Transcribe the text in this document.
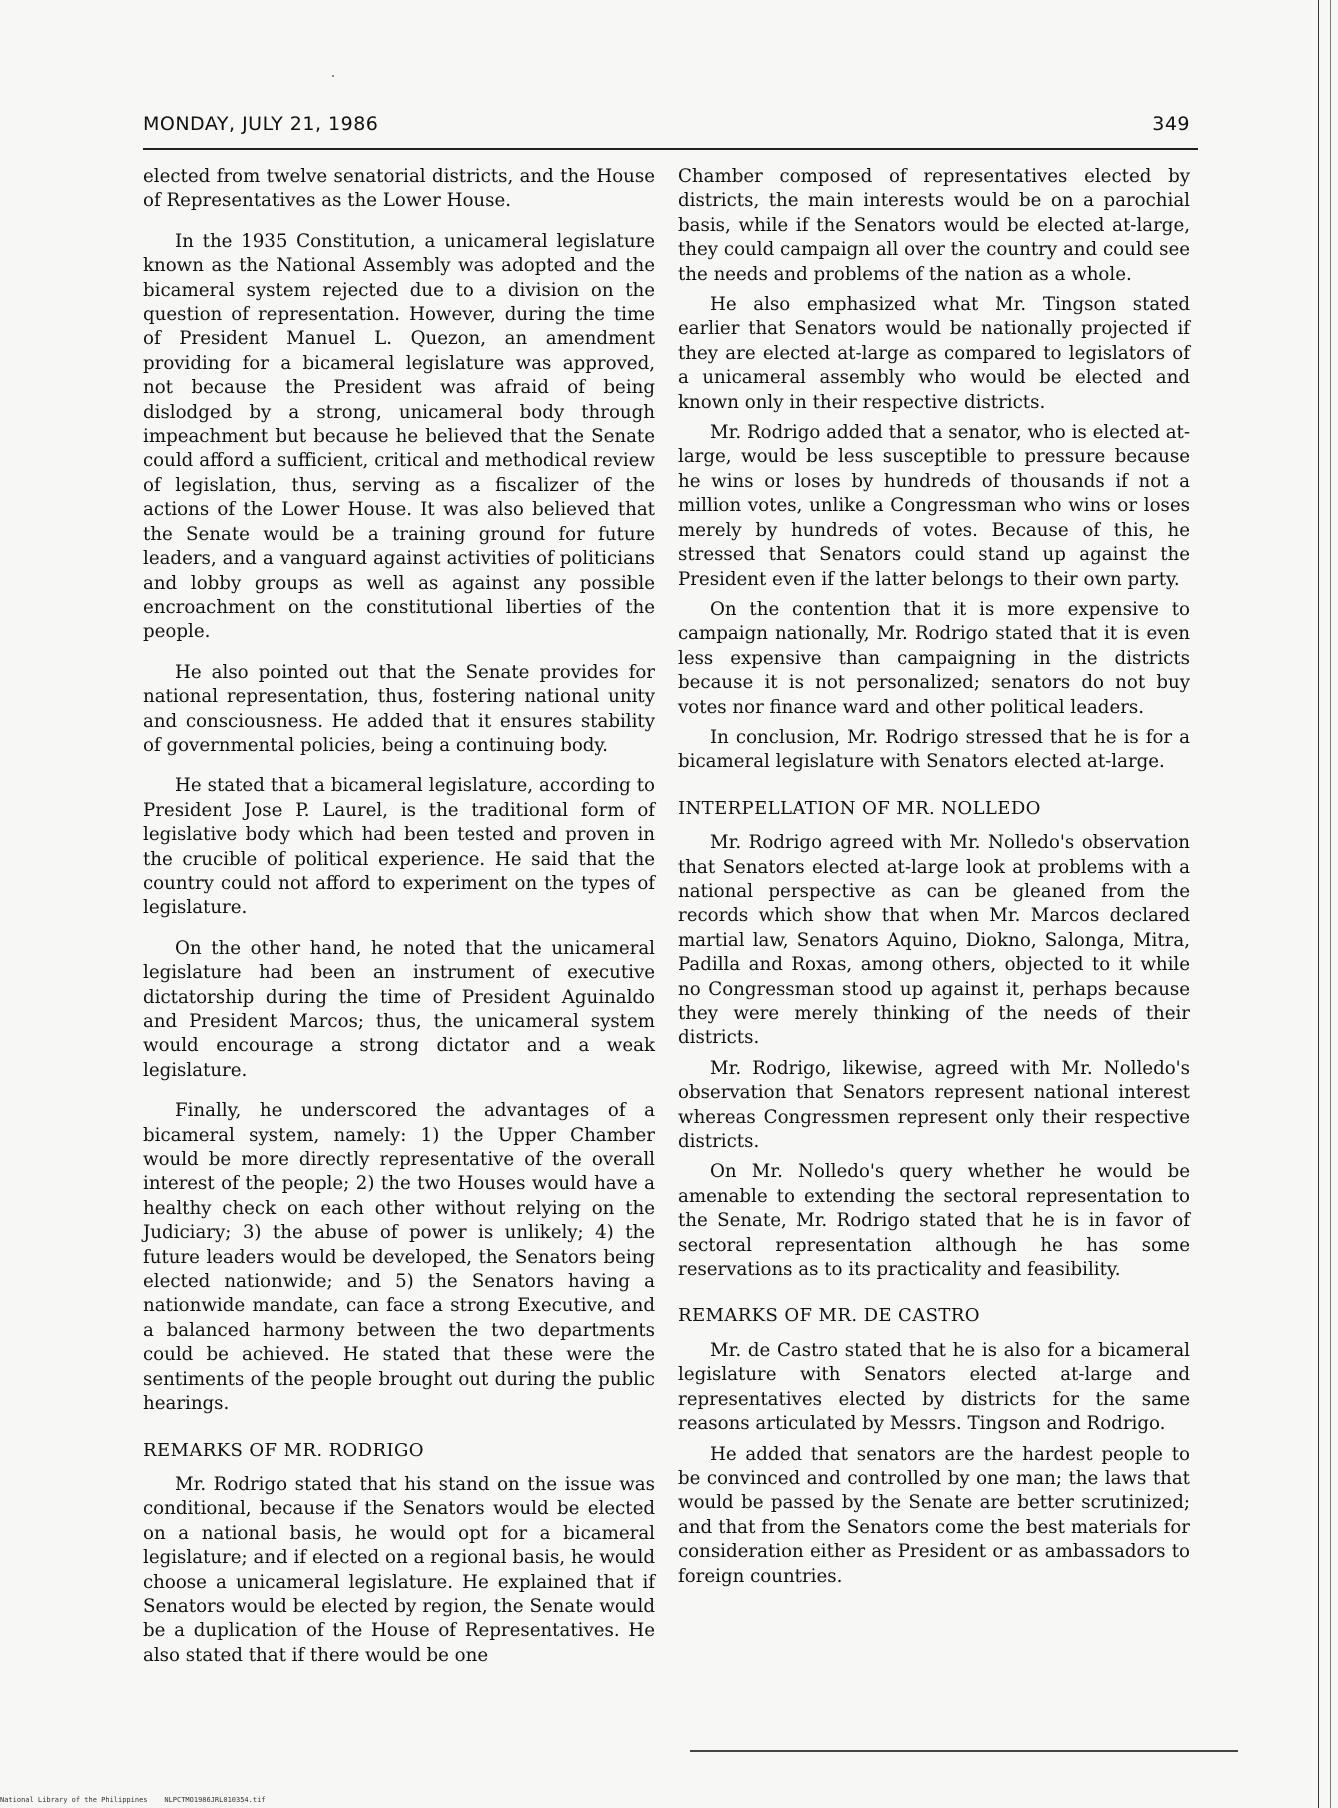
MONDAY, JULY 21, 1986	349

elected from twelve senatorial districts, and the House of Representatives as the Lower House.

In the 1935 Constitution, a unicameral legislature known as the National Assembly was adopted and the bicameral system rejected due to a division on the question of representation. However, during the time of President Manuel L. Quezon, an amendment providing for a bicameral legislature was approved, not because the President was afraid of being dislodged by a strong, unicameral body through impeachment but because he believed that the Senate could afford a sufficient, critical and methodical review of legislation, thus, serving as a fiscalizer of the actions of the Lower House. It was also believed that the Senate would be a training ground for future leaders, and a vanguard against activities of politicians and lobby groups as well as against any possible encroachment on the constitutional liberties of the people.

He also pointed out that the Senate provides for national representation, thus, fostering national unity and consciousness. He added that it ensures stability of governmental policies, being a continuing body.

He stated that a bicameral legislature, according to President Jose P. Laurel, is the traditional form of legislative body which had been tested and proven in the crucible of political experience. He said that the country could not afford to experiment on the types of legislature.

On the other hand, he noted that the unicameral legislature had been an instrument of executive dictatorship during the time of President Aguinaldo and President Marcos; thus, the unicameral system would encourage a strong dictator and a weak legislature.

Finally, he underscored the advantages of a bicameral system, namely: 1) the Upper Chamber would be more directly representative of the overall interest of the people; 2) the two Houses would have a healthy check on each other without relying on the Judiciary; 3) the abuse of power is unlikely; 4) the future leaders would be developed, the Senators being elected nationwide; and 5) the Senators having a nationwide mandate, can face a strong Executive, and a balanced harmony between the two departments could be achieved. He stated that these were the sentiments of the people brought out during the public hearings.

REMARKS OF MR. RODRIGO

Mr. Rodrigo stated that his stand on the issue was conditional, because if the Senators would be elected on a national basis, he would opt for a bicameral legislature; and if elected on a regional basis, he would choose a unicameral legislature. He explained that if Senators would be elected by region, the Senate would be a duplication of the House of Representatives. He also stated that if there would be one

Chamber composed of representatives elected by districts, the main interests would be on a parochial basis, while if the Senators would be elected at-large, they could campaign all over the country and could see the needs and problems of the nation as a whole.

He also emphasized what Mr. Tingson stated earlier that Senators would be nationally projected if they are elected at-large as compared to legislators of a unicameral assembly who would be elected and known only in their respective districts.

Mr. Rodrigo added that a senator, who is elected at-large, would be less susceptible to pressure because he wins or loses by hundreds of thousands if not a million votes, unlike a Congressman who wins or loses merely by hundreds of votes. Because of this, he stressed that Senators could stand up against the President even if the latter belongs to their own party.

On the contention that it is more expensive to campaign nationally, Mr. Rodrigo stated that it is even less expensive than campaigning in the districts because it is not personalized; senators do not buy votes nor finance ward and other political leaders.

In conclusion, Mr. Rodrigo stressed that he is for a bicameral legislature with Senators elected at-large.

INTERPELLATION OF MR. NOLLEDO

Mr. Rodrigo agreed with Mr. Nolledo's observation that Senators elected at-large look at problems with a national perspective as can be gleaned from the records which show that when Mr. Marcos declared martial law, Senators Aquino, Diokno, Salonga, Mitra, Padilla and Roxas, among others, objected to it while no Congressman stood up against it, perhaps because they were merely thinking of the needs of their districts.

Mr. Rodrigo, likewise, agreed with Mr. Nolledo's observation that Senators represent national interest whereas Congressmen represent only their respective districts.

On Mr. Nolledo's query whether he would be amenable to extending the sectoral representation to the Senate, Mr. Rodrigo stated that he is in favor of sectoral representation although he has some reservations as to its practicality and feasibility.

REMARKS OF MR. DE CASTRO

Mr. de Castro stated that he is also for a bicameral legislature with Senators elected at-large and representatives elected by districts for the same reasons articulated by Messrs. Tingson and Rodrigo.

He added that senators are the hardest people to be convinced and controlled by one man; the laws that would be passed by the Senate are better scrutinized; and that from the Senators come the best materials for consideration either as President or as ambassadors to foreign countries.

National Library of the Philippines    NLPCTMO1986JRL010354.tif
